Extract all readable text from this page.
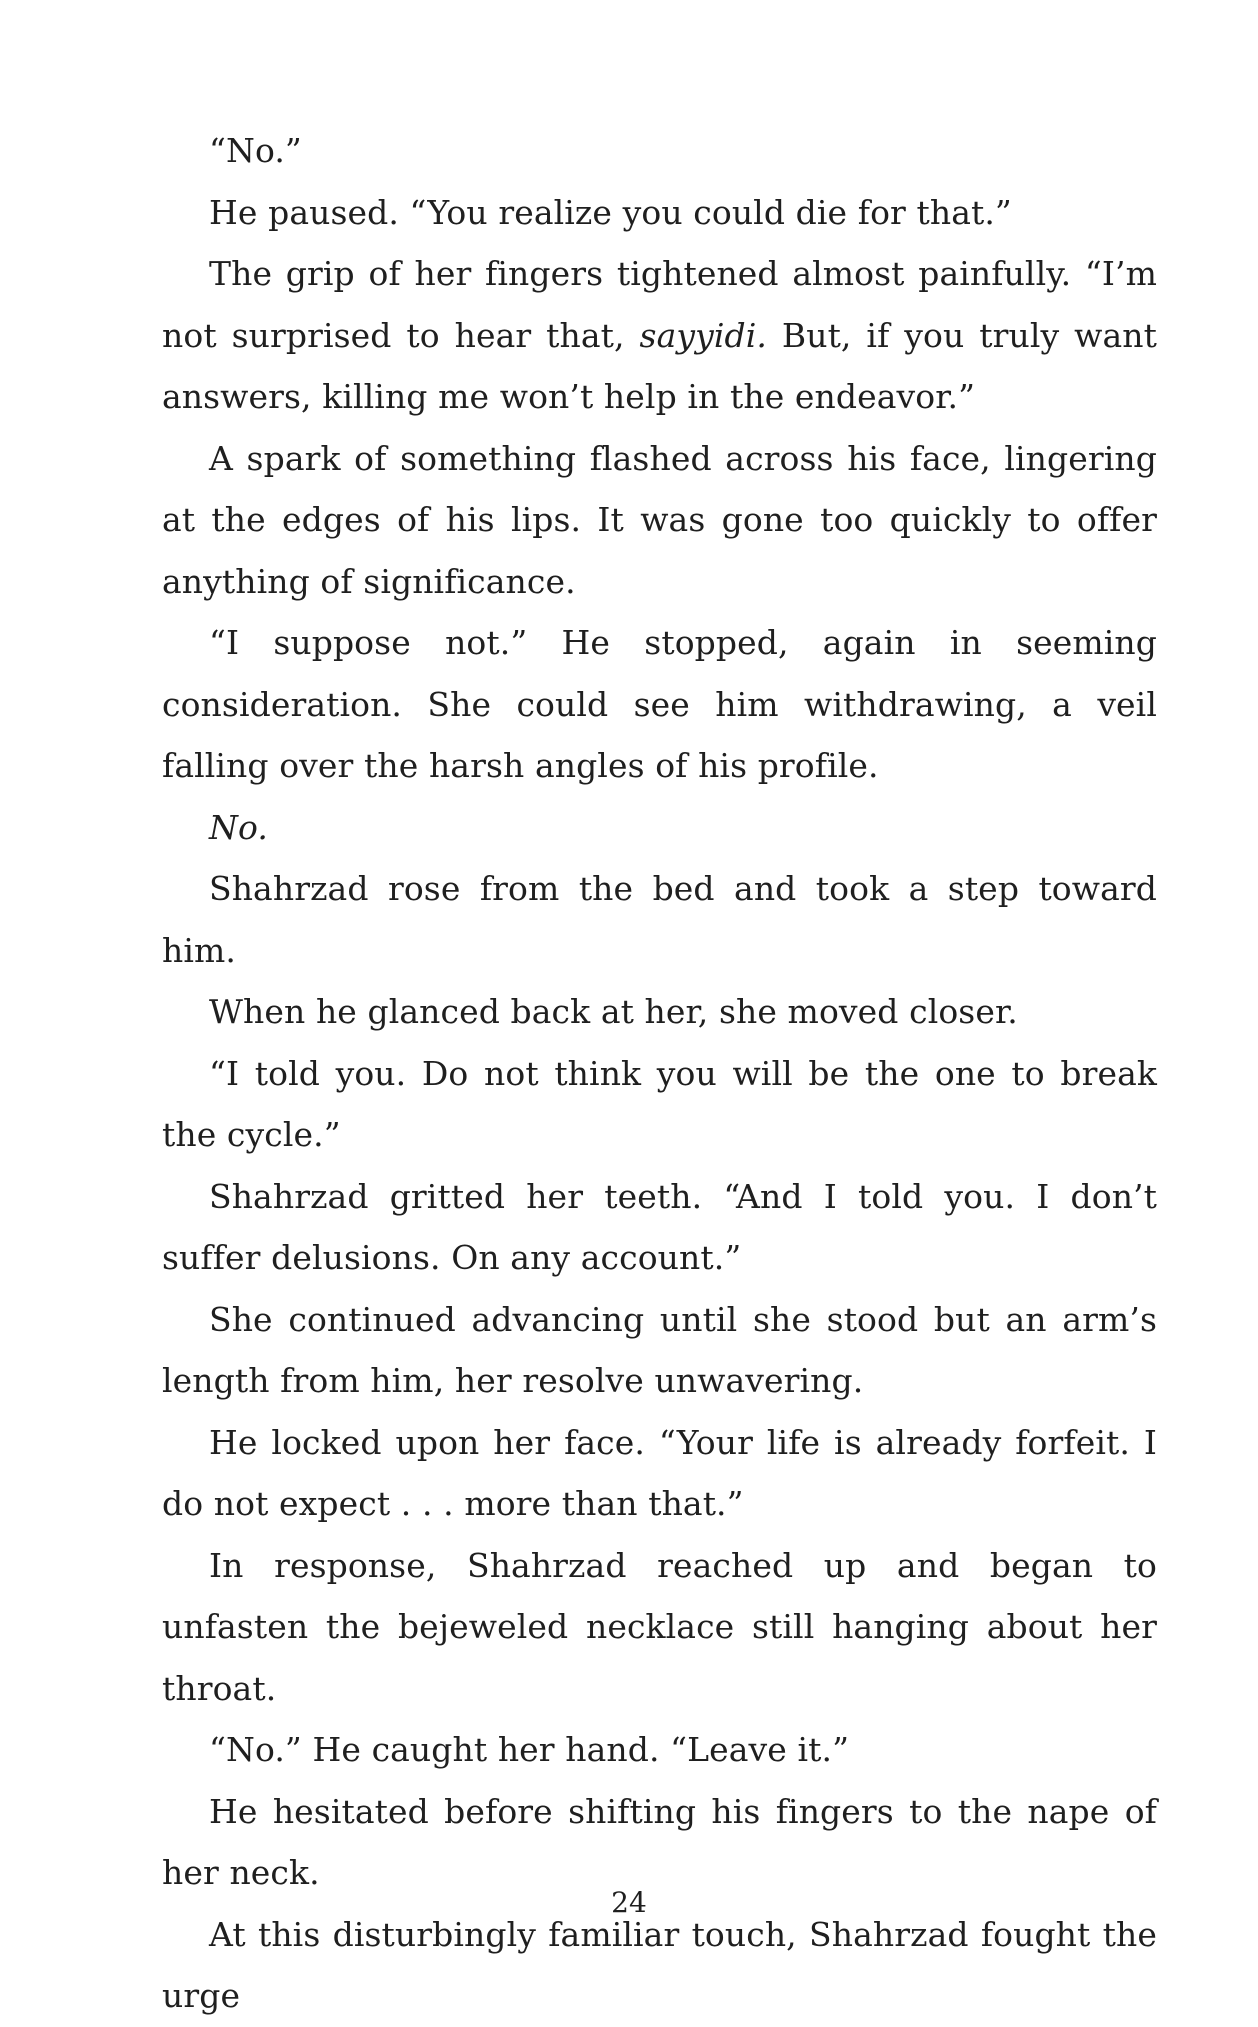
“No.”

He paused. “You realize you could die for that.”

The grip of her fingers tightened almost painfully. “I’m not surprised to hear that, sayyidi. But, if you truly want answers, killing me won’t help in the endeavor.”

A spark of something flashed across his face, lingering at the edges of his lips. It was gone too quickly to offer anything of significance.

“I suppose not.” He stopped, again in seeming consideration. She could see him withdrawing, a veil falling over the harsh angles of his profile.

No.

Shahrzad rose from the bed and took a step toward him.

When he glanced back at her, she moved closer.

“I told you. Do not think you will be the one to break the cycle.”

Shahrzad gritted her teeth. “And I told you. I don’t suffer delusions. On any account.”

She continued advancing until she stood but an arm’s length from him, her resolve unwavering.

He locked upon her face. “Your life is already forfeit. I do not expect . . . more than that.”

In response, Shahrzad reached up and began to unfasten the bejeweled necklace still hanging about her throat.

“No.” He caught her hand. “Leave it.”

He hesitated before shifting his fingers to the nape of her neck.

At this disturbingly familiar touch, Shahrzad fought the urge

24
